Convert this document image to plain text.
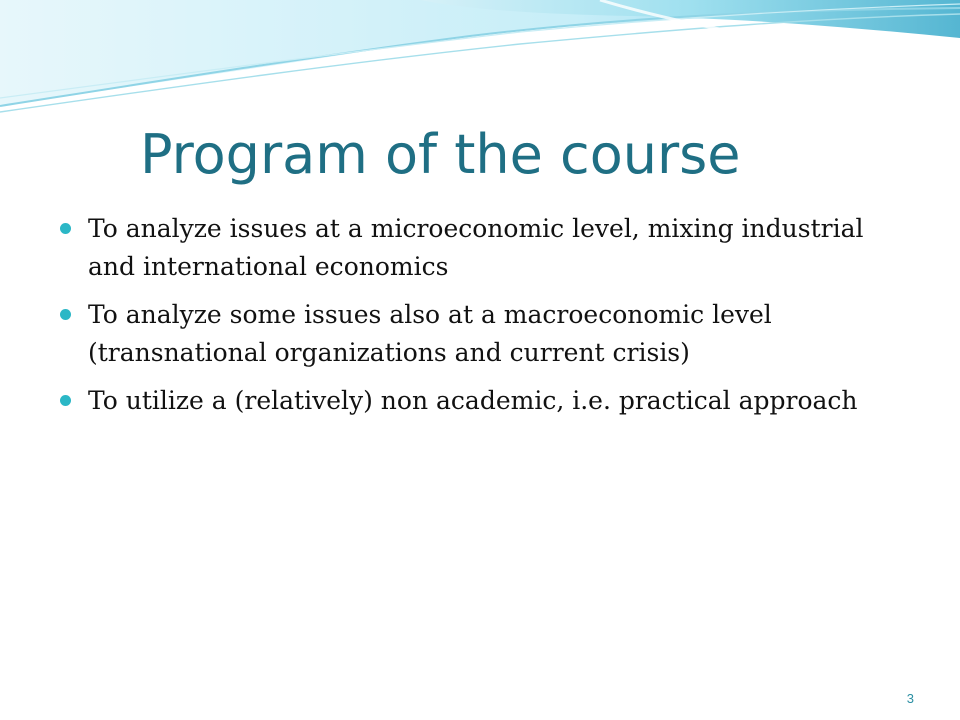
Program of the course
To analyze issues at a microeconomic level, mixing industrial and international economics
To analyze some issues also at a macroeconomic level (transnational organizations and current crisis)
To utilize a (relatively) non academic, i.e. practical approach
3
